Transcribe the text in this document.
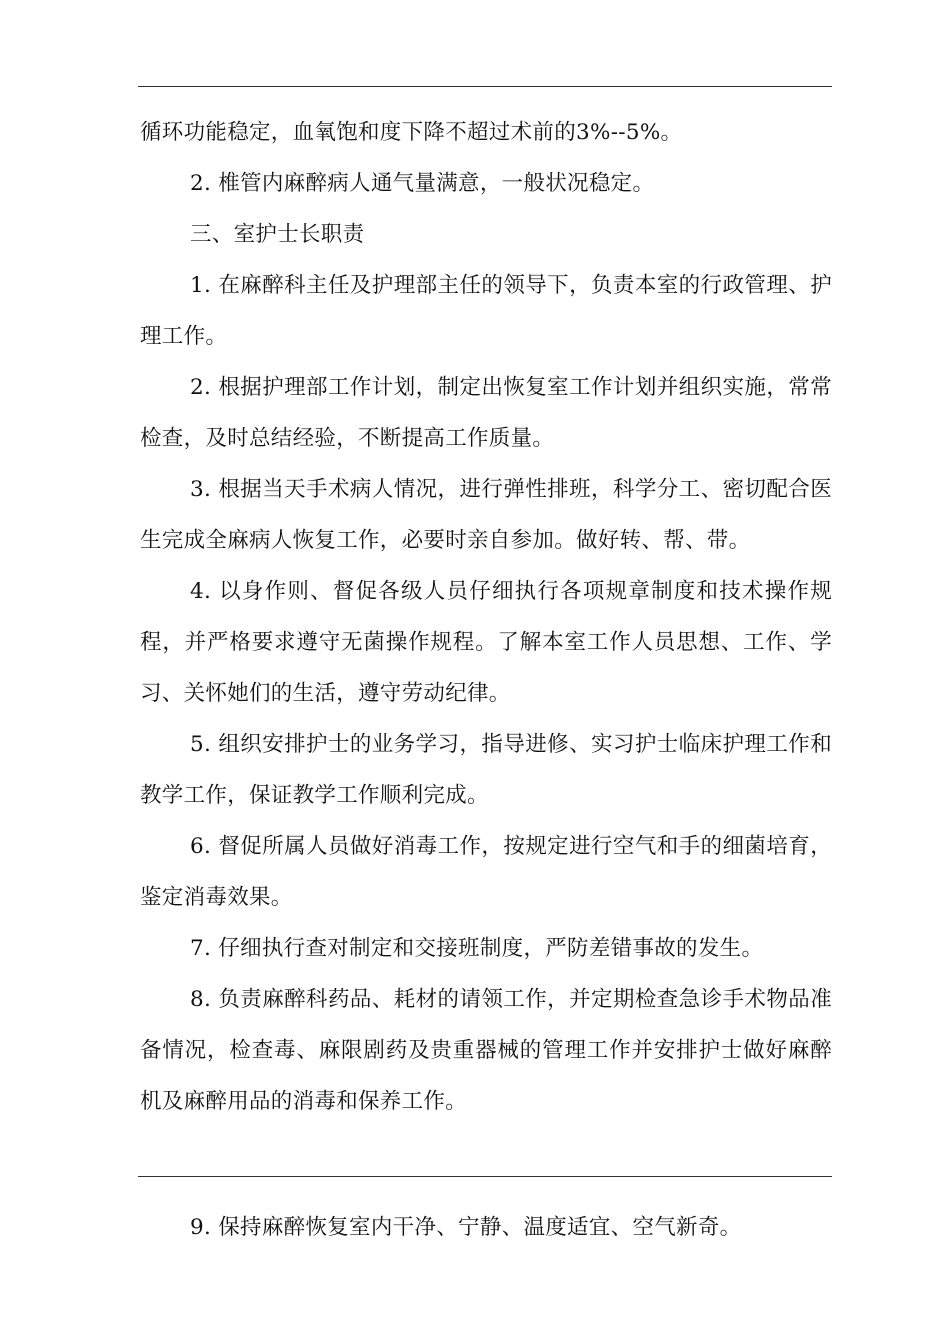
循环功能稳定，血氧饱和度下降不超过术前的3%--5%。

2. 椎管内麻醉病人通气量满意，一般状况稳定。

三、室护士长职责

1. 在麻醉科主任及护理部主任的领导下，负责本室的行政管理、护理工作。

2. 根据护理部工作计划，制定出恢复室工作计划并组织实施，常常检查，及时总结经验，不断提高工作质量。

3. 根据当天手术病人情况，进行弹性排班，科学分工、密切配合医生完成全麻病人恢复工作，必要时亲自参加。做好转、帮、带。

4. 以身作则、督促各级人员仔细执行各项规章制度和技术操作规程，并严格要求遵守无菌操作规程。了解本室工作人员思想、工作、学习、关怀她们的生活，遵守劳动纪律。

5. 组织安排护士的业务学习，指导进修、实习护士临床护理工作和教学工作，保证教学工作顺利完成。

6. 督促所属人员做好消毒工作，按规定进行空气和手的细菌培育，鉴定消毒效果。

7. 仔细执行查对制定和交接班制度，严防差错事故的发生。

8. 负责麻醉科药品、耗材的请领工作，并定期检查急诊手术物品准备情况，检查毒、麻限剧药及贵重器械的管理工作并安排护士做好麻醉机及麻醉用品的消毒和保养工作。

9. 保持麻醉恢复室内干净、宁静、温度适宜、空气新奇。
